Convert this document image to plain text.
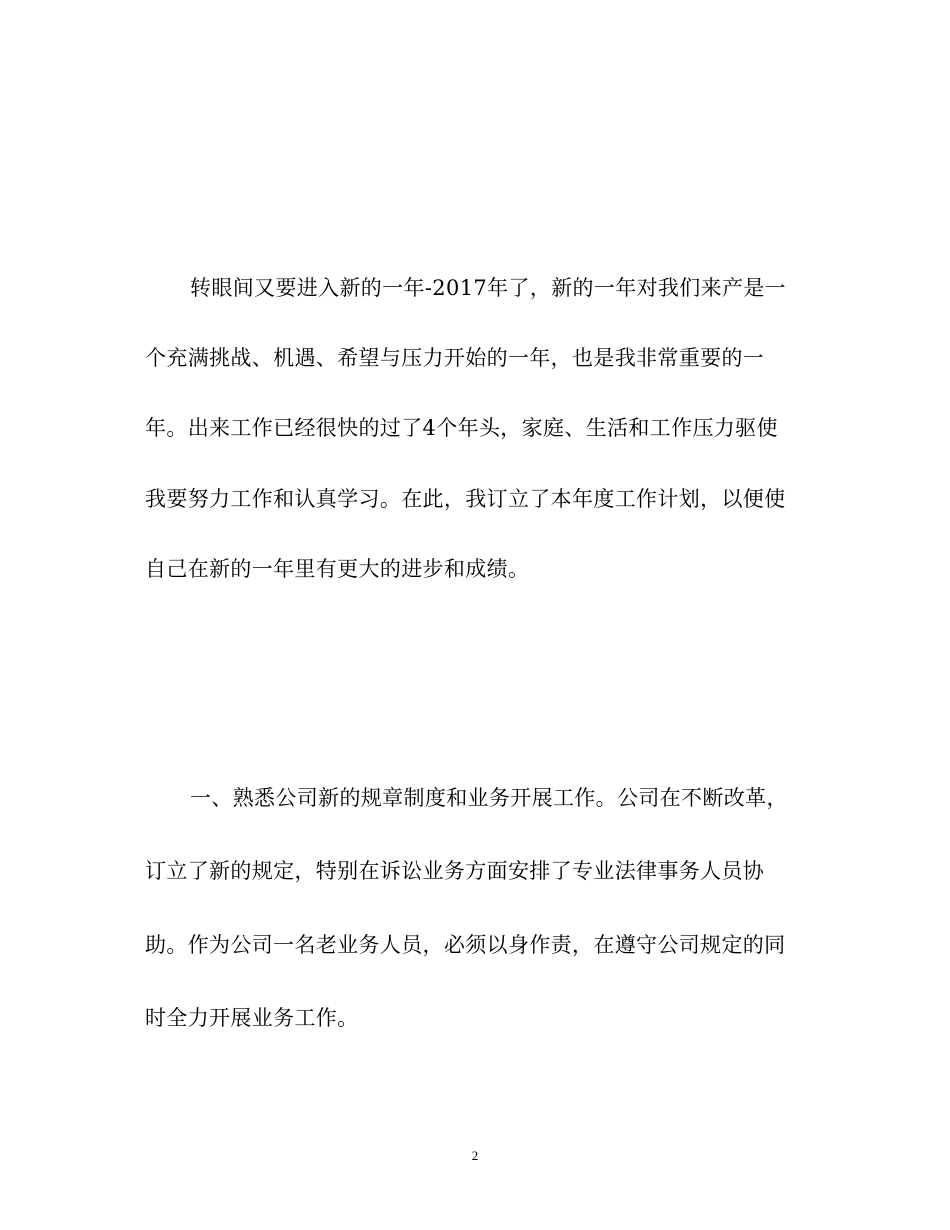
转眼间又要进入新的一年-2017年了，新的一年对我们来产是一
个充满挑战、机遇、希望与压力开始的一年，也是我非常重要的一
年。出来工作已经很快的过了4个年头，家庭、生活和工作压力驱使
我要努力工作和认真学习。在此，我订立了本年度工作计划，以便使
自己在新的一年里有更大的进步和成绩。
一、熟悉公司新的规章制度和业务开展工作。公司在不断改革，
订立了新的规定，特别在诉讼业务方面安排了专业法律事务人员协
助。作为公司一名老业务人员，必须以身作责，在遵守公司规定的同
时全力开展业务工作。
2
